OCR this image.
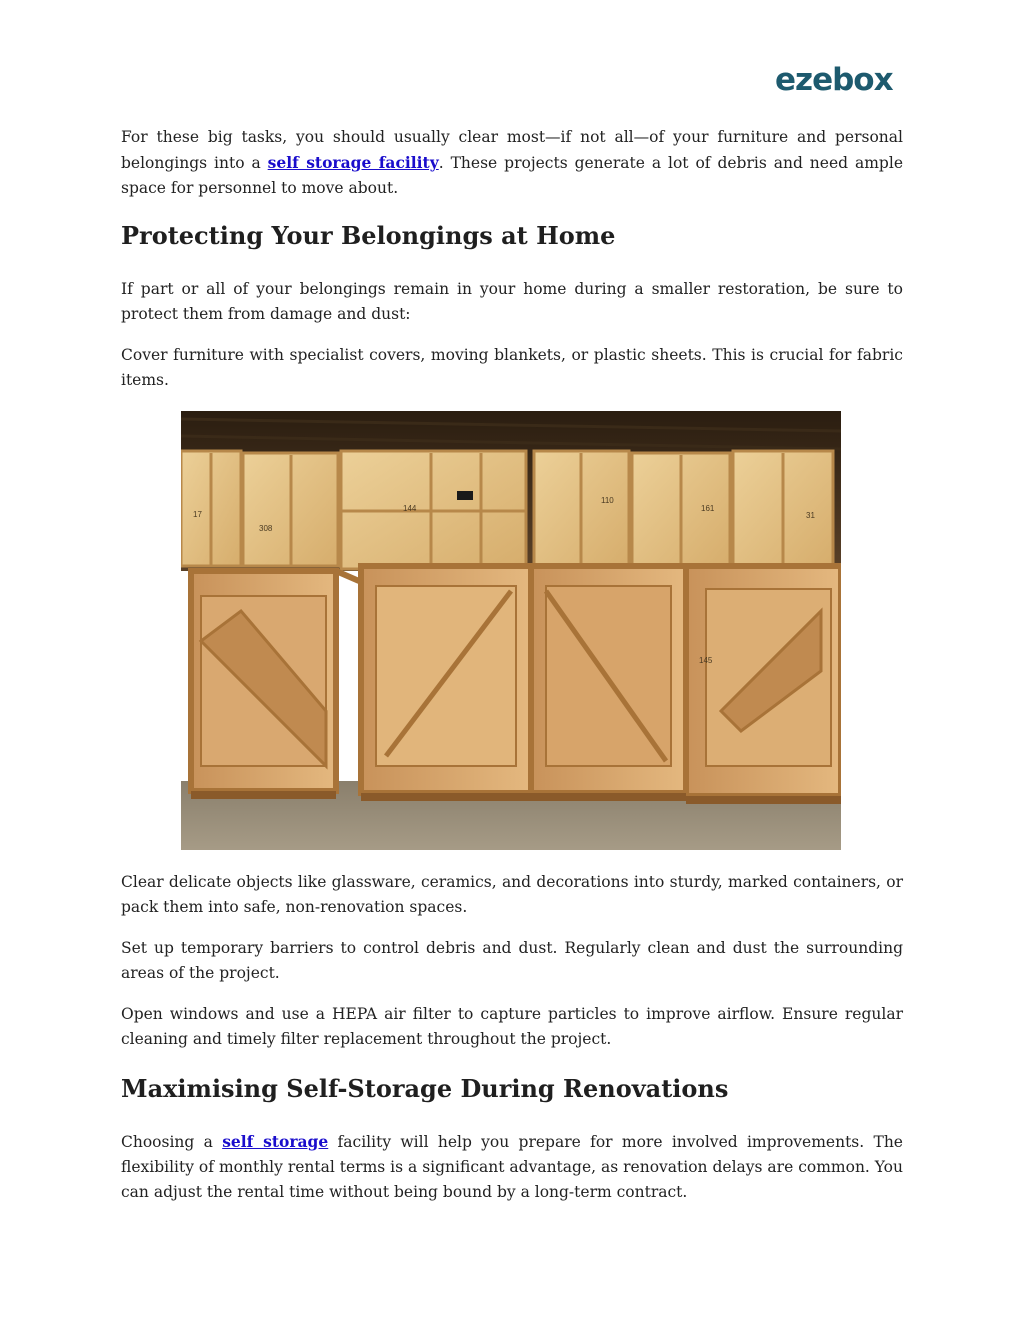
ezebox

For these big tasks, you should usually clear most—if not all—of your furniture and personal belongings into a self storage facility. These projects generate a lot of debris and need ample space for personnel to move about.

Protecting Your Belongings at Home

If part or all of your belongings remain in your home during a smaller restoration, be sure to protect them from damage and dust:

Cover furniture with specialist covers, moving blankets, or plastic sheets. This is crucial for fabric items.

17
308
144
110
161
31
145

Clear delicate objects like glassware, ceramics, and decorations into sturdy, marked containers, or pack them into safe, non-renovation spaces.

Set up temporary barriers to control debris and dust. Regularly clean and dust the surrounding areas of the project.

Open windows and use a HEPA air filter to capture particles to improve airflow. Ensure regular cleaning and timely filter replacement throughout the project.

Maximising Self-Storage During Renovations

Choosing a self storage facility will help you prepare for more involved improvements. The flexibility of monthly rental terms is a significant advantage, as renovation delays are common. You can adjust the rental time without being bound by a long-term contract.
